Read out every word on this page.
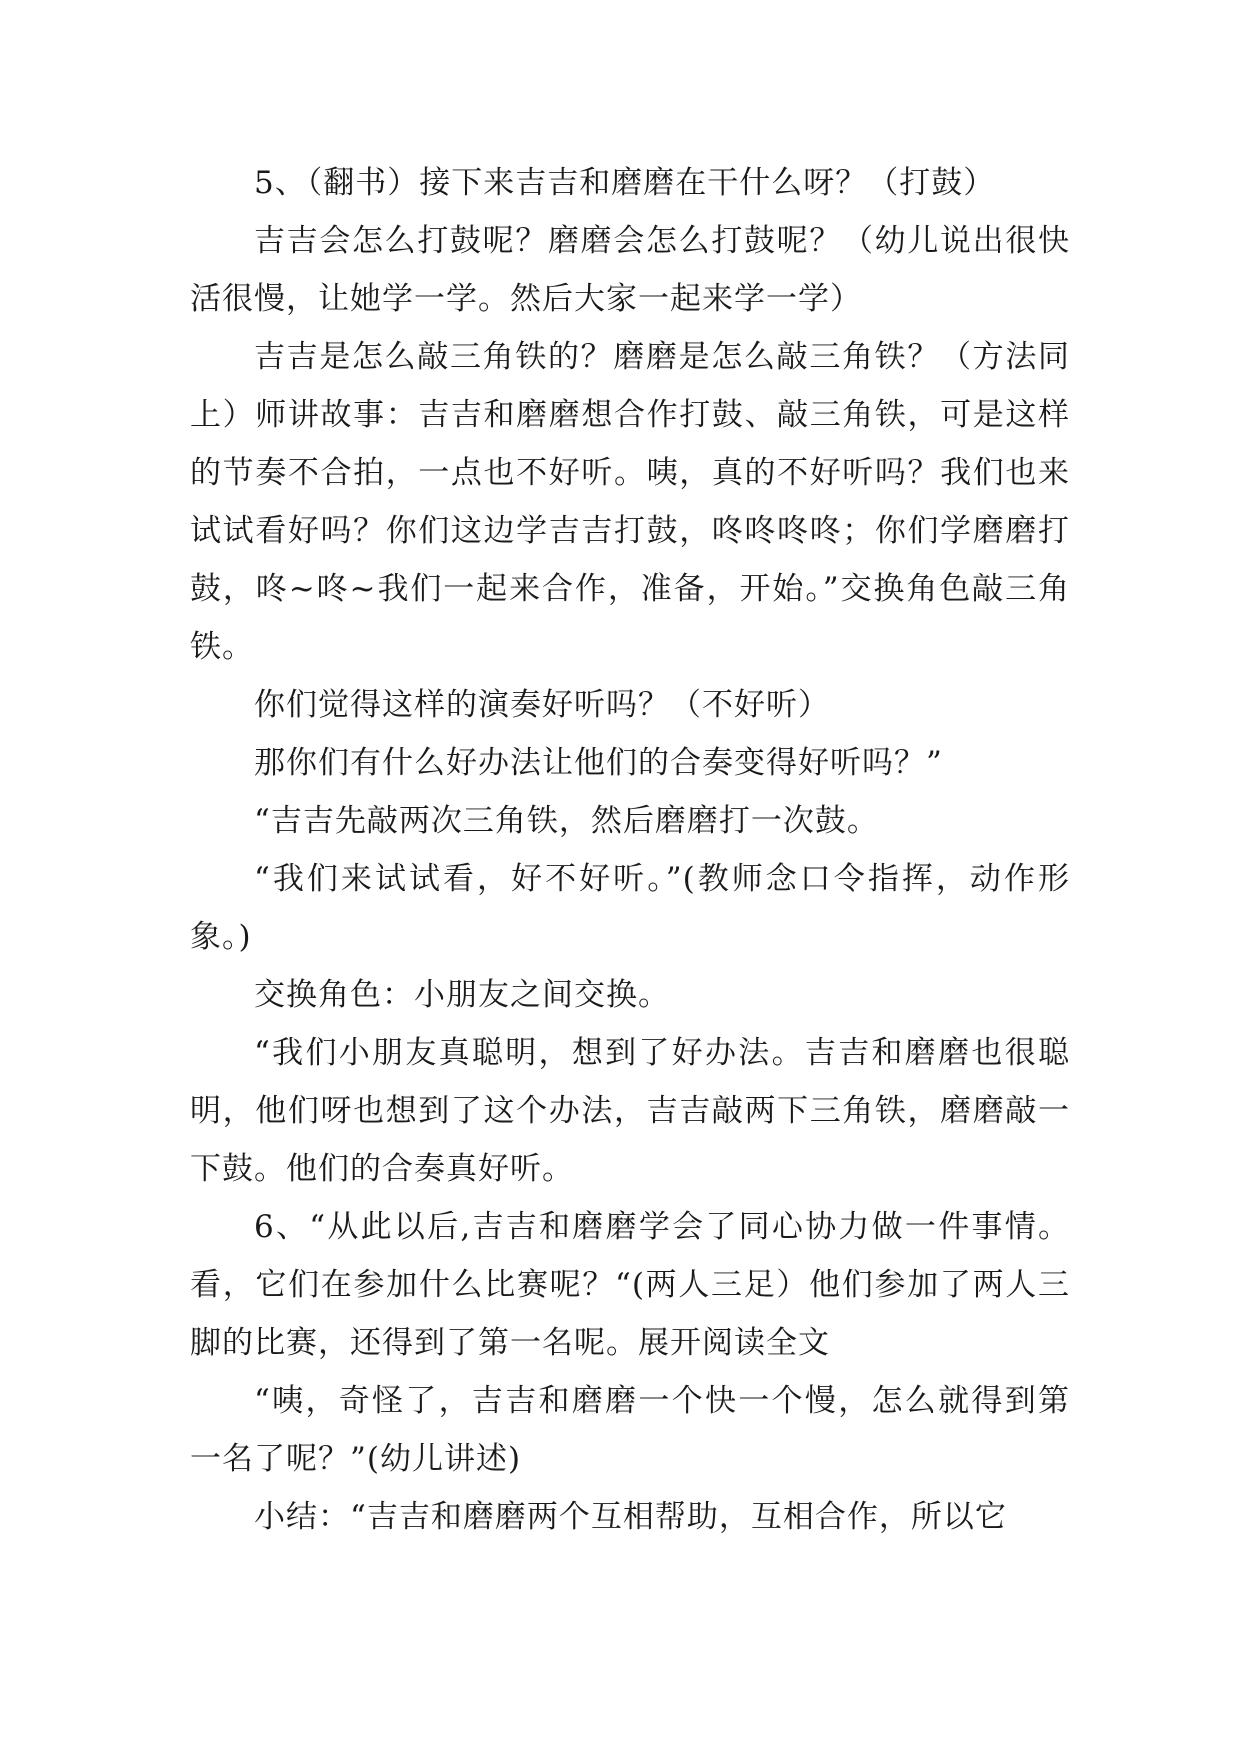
5、（翻书）接下来吉吉和磨磨在干什么呀？（打鼓）

吉吉会怎么打鼓呢？磨磨会怎么打鼓呢？（幼儿说出很快活很慢，让她学一学。然后大家一起来学一学）

吉吉是怎么敲三角铁的？磨磨是怎么敲三角铁？（方法同上）师讲故事：吉吉和磨磨想合作打鼓、敲三角铁，可是这样的节奏不合拍，一点也不好听。咦，真的不好听吗？我们也来试试看好吗？你们这边学吉吉打鼓，咚咚咚咚；你们学磨磨打鼓，咚~咚~我们一起来合作，准备，开始。”交换角色敲三角铁。

你们觉得这样的演奏好听吗？（不好听）

那你们有什么好办法让他们的合奏变得好听吗？”

“吉吉先敲两次三角铁，然后磨磨打一次鼓。

“我们来试试看，好不好听。”(教师念口令指挥，动作形象。)

交换角色：小朋友之间交换。

“我们小朋友真聪明，想到了好办法。吉吉和磨磨也很聪明，他们呀也想到了这个办法，吉吉敲两下三角铁，磨磨敲一下鼓。他们的合奏真好听。

6、“从此以后,吉吉和磨磨学会了同心协力做一件事情。看，它们在参加什么比赛呢？“(两人三足）他们参加了两人三脚的比赛，还得到了第一名呢。展开阅读全文

“咦，奇怪了，吉吉和磨磨一个快一个慢，怎么就得到第一名了呢？”(幼儿讲述)

小结：“吉吉和磨磨两个互相帮助，互相合作，所以它
